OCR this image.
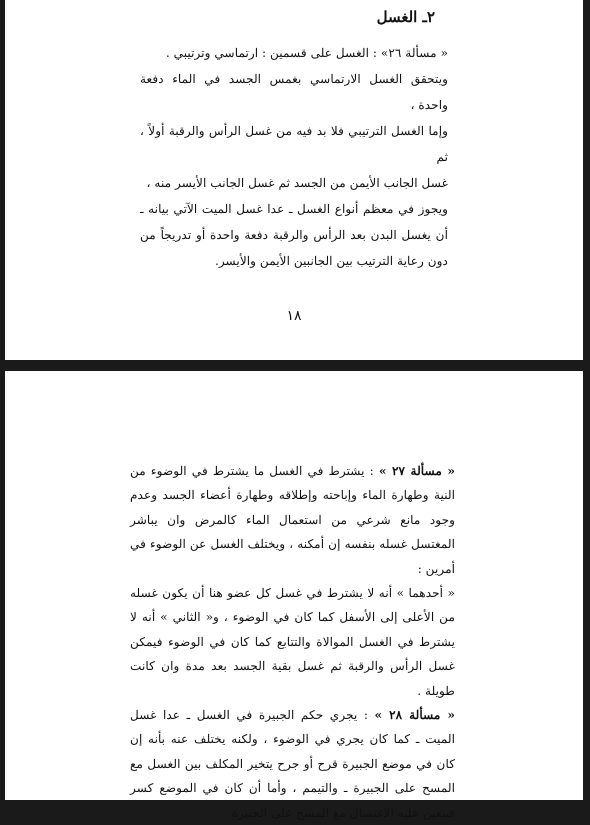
٢ـ الغسل

« مسألة ٢٦» : الغسل على قسمين : ارتماسي وترتيبي .

ويتحقق الغسل الارتماسي بغمس الجسد في الماء دفعة واحدة ،

وإما الغسل الترتيبي فلا بد فيه من غسل الرأس والرقبة أولاً ، ثم

غسل الجانب الأيمن من الجسد ثم غسل الجانب الأيسر منه ،

ويجوز في معظم أنواع الغسل ـ عدا غسل الميت الآتي بيانه ـ أن يغسل البدن بعد الرأس والرقبة دفعة واحدة أو تدريجاً من دون رعاية الترتيب بين الجانبين الأيمن والأيسر.

١٨

« مسألة ٢٧ » : يشترط في الغسل ما يشترط في الوضوء من النية وطهارة الماء وإباحته وإطلاقه وطهارة أعضاء الجسد وعدم وجود مانع شرعي من استعمال الماء كالمرض وان يباشر المغتسل غسله بنفسه إن أمكنه ، ويختلف الغسل عن الوضوء في أمرين :

« أحدهما » أنه لا يشترط في غسل كل عضو هنا أن يكون غسله من الأعلى إلى الأسفل كما كان في الوضوء ، و« الثاني » أنه لا يشترط في الغسل الموالاة والتتابع كما كان في الوضوء فيمكن غسل الرأس والرقبة ثم غسل بقية الجسد بعد مدة وان كانت طويلة .

« مسألة ٢٨ » : يجري حكم الجبيرة في الغسل ـ عدا غسل الميت ـ كما كان يجري في الوضوء ، ولكنه يختلف عنه بأنه إن كان في موضع الجبيرة قرح أو جرح يتخير المكلف بين الغسل مع المسح على الجبيرة ـ والتيمم ، وأما أن كان في الموضع كسر فيتعين عليه الاغتسال مع المسح على الجبيرة .
